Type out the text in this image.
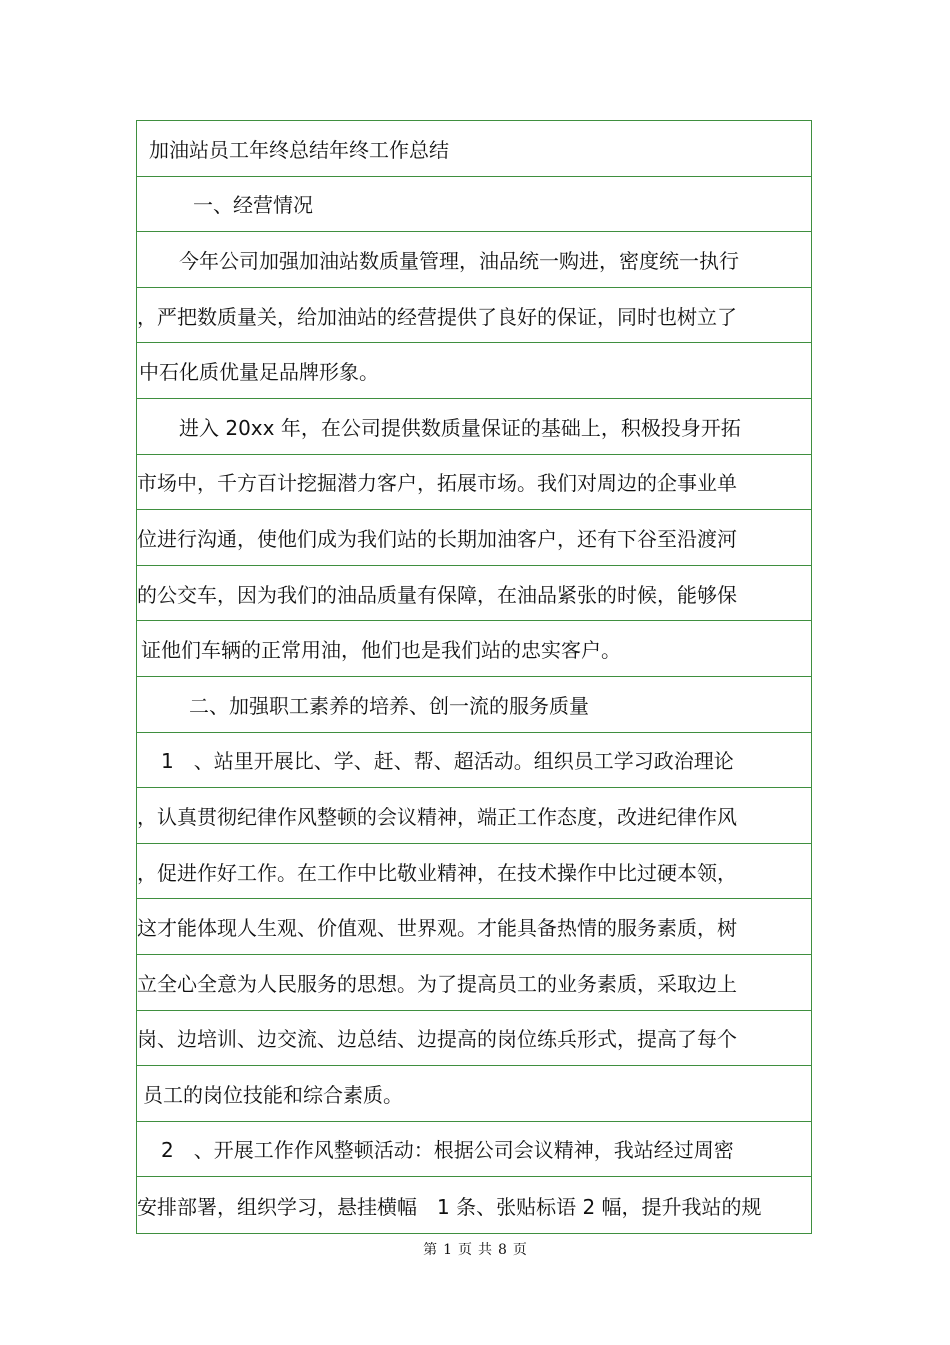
加油站员工年终总结年终工作总结
一、经营情况
今年公司加强加油站数质量管理，油品统一购进，密度统一执行
，严把数质量关，给加油站的经营提供了良好的保证，同时也树立了
中石化质优量足品牌形象。
进入 20xx 年，在公司提供数质量保证的基础上，积极投身开拓
市场中，千方百计挖掘潜力客户，拓展市场。我们对周边的企事业单
位进行沟通，使他们成为我们站的长期加油客户，还有下谷至沿渡河
的公交车，因为我们的油品质量有保障，在油品紧张的时候，能够保
证他们车辆的正常用油，他们也是我们站的忠实客户。
二、加强职工素养的培养、创一流的服务质量
1　、站里开展比、学、赶、帮、超活动。组织员工学习政治理论
，认真贯彻纪律作风整顿的会议精神，端正工作态度，改进纪律作风
，促进作好工作。在工作中比敬业精神，在技术操作中比过硬本领，
这才能体现人生观、价值观、世界观。才能具备热情的服务素质，树
立全心全意为人民服务的思想。为了提高员工的业务素质，采取边上
岗、边培训、边交流、边总结、边提高的岗位练兵形式，提高了每个
员工的岗位技能和综合素质。
2　、开展工作作风整顿活动：根据公司会议精神，我站经过周密
安排部署，组织学习，悬挂横幅　1 条、张贴标语 2 幅，提升我站的规
第 1 页 共 8 页
